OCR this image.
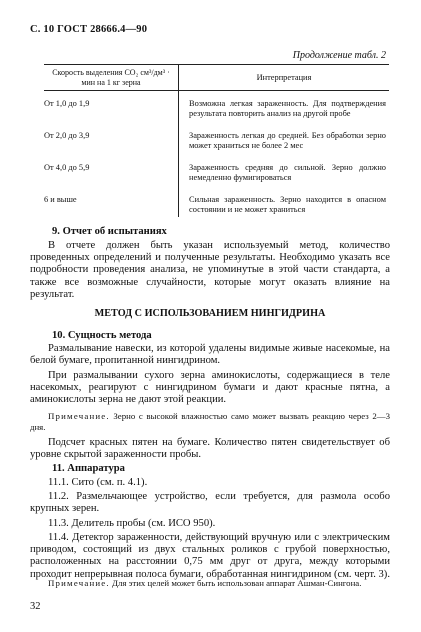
С. 10 ГОСТ 28666.4—90
Продолжение табл. 2
Скорость выделения CO₂ см³/дм³ · мин на 1 кг зерна	Интерпретация
От 1,0 до 1,9	Возможна легкая зараженность. Для подтверждения результата повторить анализ на другой пробе
От 2,0 до 3,9	Зараженность легкая до средней. Без обработки зерно может храниться не более 2 мес
От 4,0 до 5,9	Зараженность средняя до сильной. Зерно должно немедленно фумигироваться
6 и выше	Сильная зараженность. Зерно находится в опасном состоянии и не может храниться
9. Отчет об испытаниях
В отчете должен быть указан используемый метод, количество проведенных определений и полученные результаты. Необходимо указать все подробности проведения анализа, не упоминутые в этой части стандарта, а также все возможные случайности, которые могут оказать влияние на результат.
МЕТОД С ИСПОЛЬЗОВАНИЕМ НИНГИДРИНА
10. Сущность метода
Размалывание навески, из которой удалены видимые живые насекомые, на белой бумаге, пропитанной нингидрином.
При размалывании сухого зерна аминокислоты, содержащиеся в теле насекомых, реагируют с нингидрином бумаги и дают красные пятна, а аминокислоты зерна не дают этой реакции.
Примечание. Зерно с высокой влажностью само может вызвать реакцию через 2—3 дня.
Подсчет красных пятен на бумаге. Количество пятен свидетельствует об уровне скрытой зараженности пробы.
11. Аппаратура
11.1. Сито (см. п. 4.1).
11.2. Размельчающее устройство, если требуется, для размола особо крупных зерен.
11.3. Делитель пробы (см. ИСО 950).
11.4. Детектор зараженности, действующий вручную или с электрическим приводом, состоящий из двух стальных роликов с грубой поверхностью, расположенных на расстоянии 0,75 мм друг от друга, между которыми проходит непрерывная полоса бумаги, обработанная нингидрином (см. черт. 3).
Примечание. Для этих целей может быть использован аппарат Ашман-Сингона.
32
